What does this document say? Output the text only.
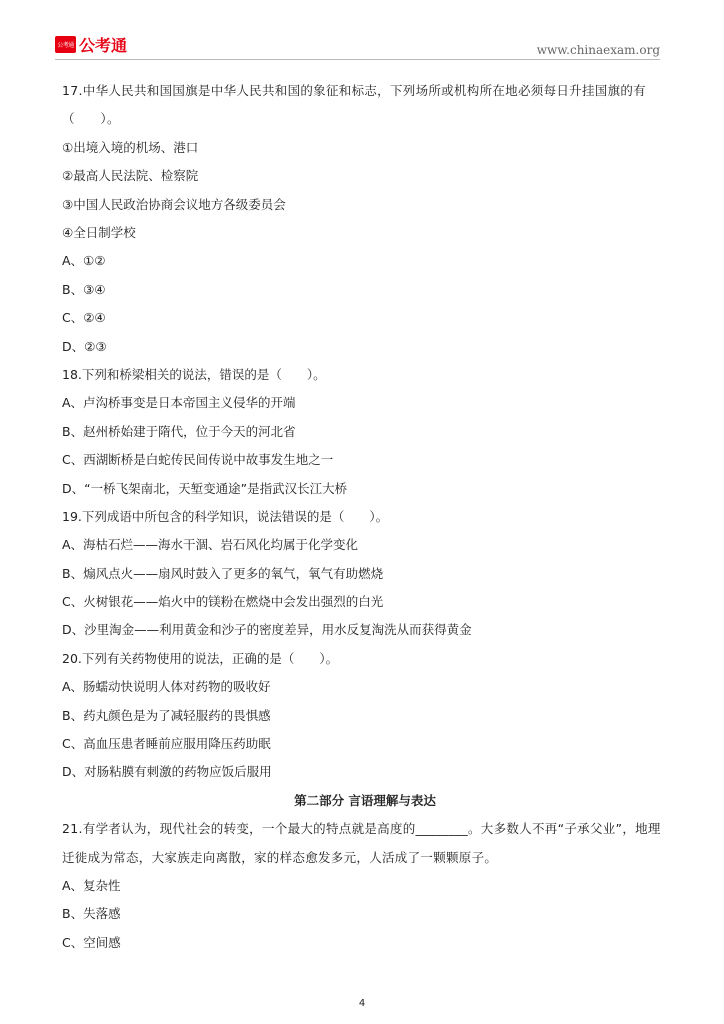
公考通 公考通	www.chinaexam.org
17.中华人民共和国国旗是中华人民共和国的象征和标志，下列场所或机构所在地必须每日升挂国旗的有（　　）。
①出境入境的机场、港口
②最高人民法院、检察院
③中国人民政治协商会议地方各级委员会
④全日制学校
A、①②
B、③④
C、②④
D、②③
18.下列和桥梁相关的说法，错误的是（　　）。
A、卢沟桥事变是日本帝国主义侵华的开端
B、赵州桥始建于隋代，位于今天的河北省
C、西湖断桥是白蛇传民间传说中故事发生地之一
D、“一桥飞架南北，天堑变通途”是指武汉长江大桥
19.下列成语中所包含的科学知识，说法错误的是（　　）。
A、海枯石烂——海水干涸、岩石风化均属于化学变化
B、煽风点火——扇风时鼓入了更多的氧气，氧气有助燃烧
C、火树银花——焰火中的镁粉在燃烧中会发出强烈的白光
D、沙里淘金——利用黄金和沙子的密度差异，用水反复淘洗从而获得黄金
20.下列有关药物使用的说法，正确的是（　　）。
A、肠蠕动快说明人体对药物的吸收好
B、药丸颜色是为了减轻服药的畏惧感
C、高血压患者睡前应服用降压药助眠
D、对肠粘膜有刺激的药物应饭后服用
第二部分 言语理解与表达
21.有学者认为，现代社会的转变，一个最大的特点就是高度的________。大多数人不再“子承父业”，地理迁徙成为常态，大家族走向离散，家的样态愈发多元，人活成了一颗颗原子。
A、复杂性
B、失落感
C、空间感
4
